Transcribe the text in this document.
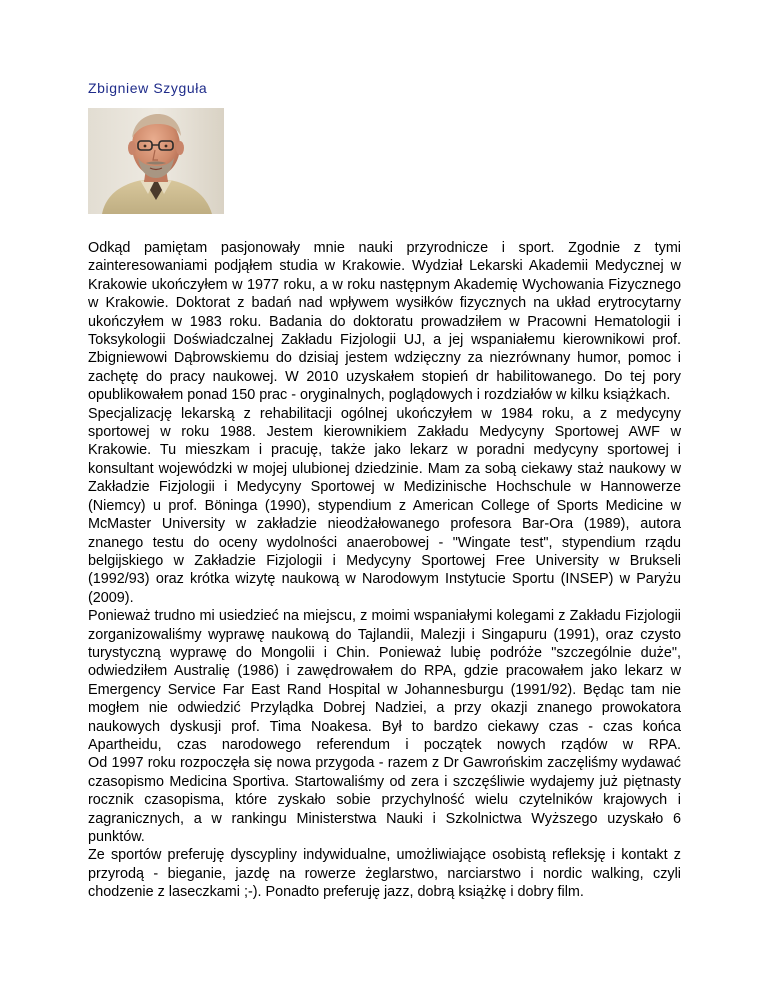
Zbigniew Szyguła

Odkąd pamiętam pasjonowały mnie nauki przyrodnicze i sport. Zgodnie z tymi zainteresowaniami podjąłem studia w Krakowie. Wydział Lekarski Akademii Medycznej w Krakowie ukończyłem w 1977 roku, a w roku następnym Akademię Wychowania Fizycznego w Krakowie. Doktorat z badań nad wpływem wysiłków fizycznych na układ erytrocytarny ukończyłem w 1983 roku. Badania do doktoratu prowadziłem w Pracowni Hematologii i Toksykologii Doświadczalnej Zakładu Fizjologii UJ, a jej wspaniałemu kierownikowi prof. Zbigniewowi Dąbrowskiemu do dzisiaj jestem wdzięczny za niezrównany humor, pomoc i zachętę do pracy naukowej. W 2010 uzyskałem stopień dr habilitowanego. Do tej pory opublikowałem ponad 150 prac - oryginalnych, poglądowych i rozdziałów w kilku książkach.

Specjalizację lekarską z rehabilitacji ogólnej ukończyłem w 1984 roku, a z medycyny sportowej w roku 1988. Jestem kierownikiem Zakładu Medycyny Sportowej AWF w Krakowie. Tu mieszkam i pracuję, także jako lekarz w poradni medycyny sportowej i konsultant wojewódzki w mojej ulubionej dziedzinie. Mam za sobą ciekawy staż naukowy w Zakładzie Fizjologii i Medycyny Sportowej w Medizinische Hochschule w Hannowerze (Niemcy) u prof. Böninga (1990), stypendium z American College of Sports Medicine w McMaster University w zakładzie nieodżałowanego profesora Bar-Ora (1989), autora znanego testu do oceny wydolności anaerobowej - "Wingate test", stypendium rządu belgijskiego w Zakładzie Fizjologii i Medycyny Sportowej Free University w Brukseli (1992/93) oraz krótka wizytę naukową w Narodowym Instytucie Sportu (INSEP) w Paryżu (2009).

Ponieważ trudno mi usiedzieć na miejscu, z moimi wspaniałymi kolegami z Zakładu Fizjologii zorganizowaliśmy wyprawę naukową do Tajlandii, Malezji i Singapuru (1991), oraz czysto turystyczną wyprawę do Mongolii i Chin. Ponieważ lubię podróże "szczególnie duże", odwiedziłem Australię (1986) i zawędrowałem do RPA, gdzie pracowałem jako lekarz w Emergency Service Far East Rand Hospital w Johannesburgu (1991/92). Będąc tam nie mogłem nie odwiedzić Przylądka Dobrej Nadziei, a przy okazji znanego prowokatora naukowych dyskusji prof. Tima Noakesa. Był to bardzo ciekawy czas - czas końca Apartheidu, czas narodowego referendum i początek nowych rządów w RPA.

Od 1997 roku rozpoczęła się nowa przygoda - razem z Dr Gawrońskim zaczęliśmy wydawać czasopismo Medicina Sportiva. Startowaliśmy od zera i szczęśliwie wydajemy już piętnasty rocznik czasopisma, które zyskało sobie przychylność wielu czytelników krajowych i zagranicznych, a w rankingu Ministerstwa Nauki i Szkolnictwa Wyższego uzyskało 6 punktów.

Ze sportów preferuję dyscypliny indywidualne, umożliwiające osobistą refleksję i kontakt z przyrodą - bieganie, jazdę na rowerze żeglarstwo, narciarstwo i nordic walking, czyli chodzenie z laseczkami ;-). Ponadto preferuję jazz, dobrą książkę i dobry film.
